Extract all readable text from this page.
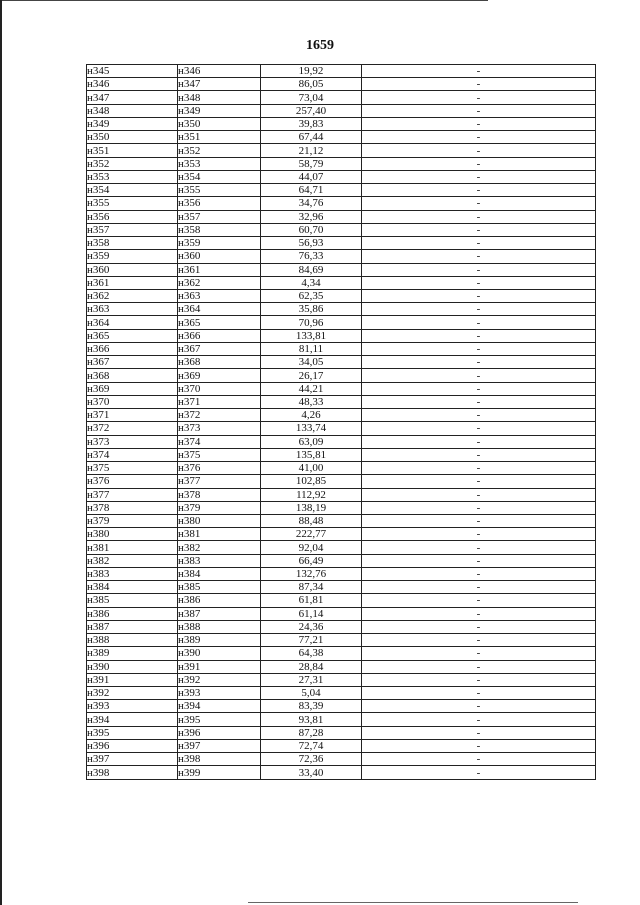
1659
н345	н346	19,92	-
н346	н347	86,05	-
н347	н348	73,04	-
н348	н349	257,40	-
н349	н350	39,83	-
н350	н351	67,44	-
н351	н352	21,12	-
н352	н353	58,79	-
н353	н354	44,07	-
н354	н355	64,71	-
н355	н356	34,76	-
н356	н357	32,96	-
н357	н358	60,70	-
н358	н359	56,93	-
н359	н360	76,33	-
н360	н361	84,69	-
н361	н362	4,34	-
н362	н363	62,35	-
н363	н364	35,86	-
н364	н365	70,96	-
н365	н366	133,81	-
н366	н367	81,11	-
н367	н368	34,05	-
н368	н369	26,17	-
н369	н370	44,21	-
н370	н371	48,33	-
н371	н372	4,26	-
н372	н373	133,74	-
н373	н374	63,09	-
н374	н375	135,81	-
н375	н376	41,00	-
н376	н377	102,85	-
н377	н378	112,92	-
н378	н379	138,19	-
н379	н380	88,48	-
н380	н381	222,77	-
н381	н382	92,04	-
н382	н383	66,49	-
н383	н384	132,76	-
н384	н385	87,34	-
н385	н386	61,81	-
н386	н387	61,14	-
н387	н388	24,36	-
н388	н389	77,21	-
н389	н390	64,38	-
н390	н391	28,84	-
н391	н392	27,31	-
н392	н393	5,04	-
н393	н394	83,39	-
н394	н395	93,81	-
н395	н396	87,28	-
н396	н397	72,74	-
н397	н398	72,36	-
н398	н399	33,40	-
